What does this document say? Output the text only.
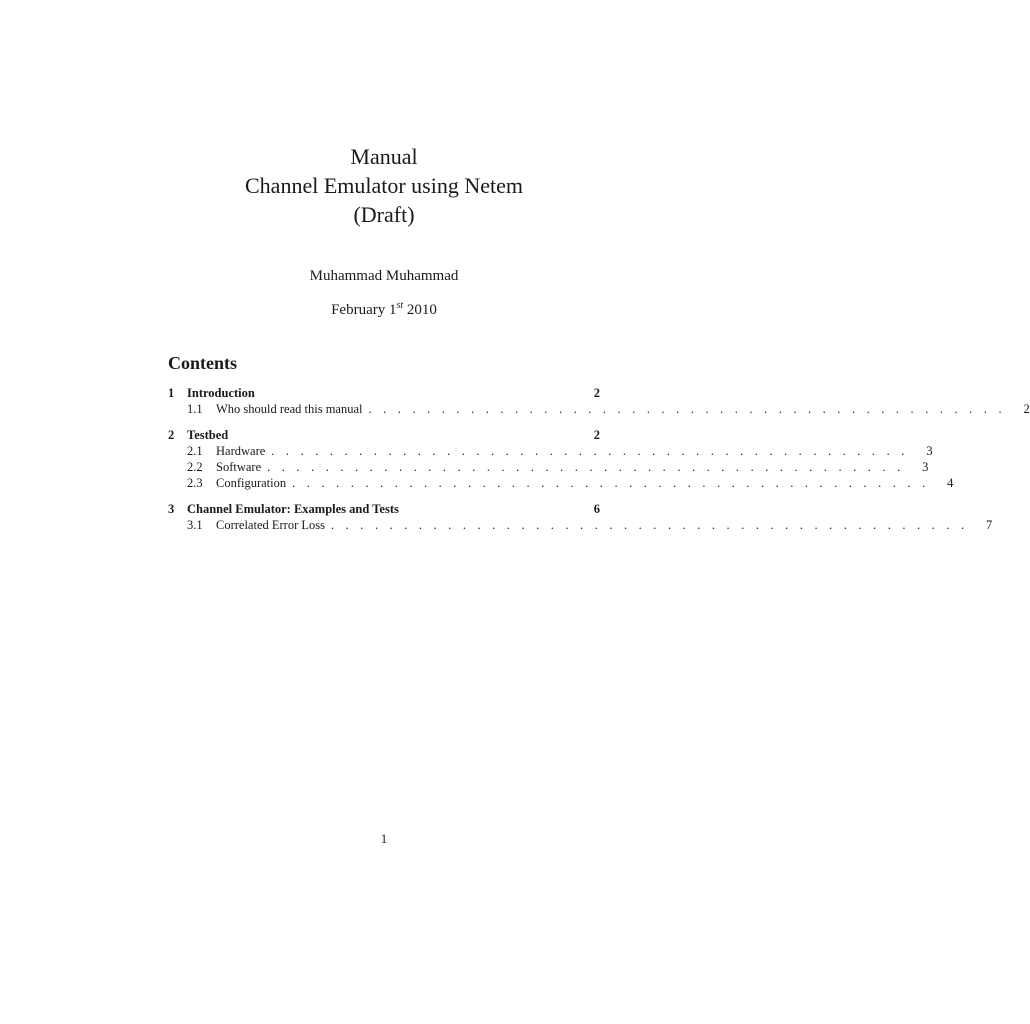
Manual
Channel Emulator using Netem
(Draft)
Muhammad Muhammad
February 1st 2010
Contents
1	Introduction	2
1.1	Who should read this manual . . . . . . . . . . . . . . . . . . . . . . . . . . . . . . . . . . . . . . . . . . . .	2
2	Testbed	2
2.1	Hardware . . . . . . . . . . . . . . . . . . . . . . . . . . . . . . . . . . . . . . . . . . . .	3
2.2	Software . . . . . . . . . . . . . . . . . . . . . . . . . . . . . . . . . . . . . . . . . . . .	3
2.3	Configuration . . . . . . . . . . . . . . . . . . . . . . . . . . . . . . . . . . . . . . . . . . . .	4
3	Channel Emulator: Examples and Tests	6
3.1	Correlated Error Loss . . . . . . . . . . . . . . . . . . . . . . . . . . . . . . . . . . . . . . . . . . . .	7
1
